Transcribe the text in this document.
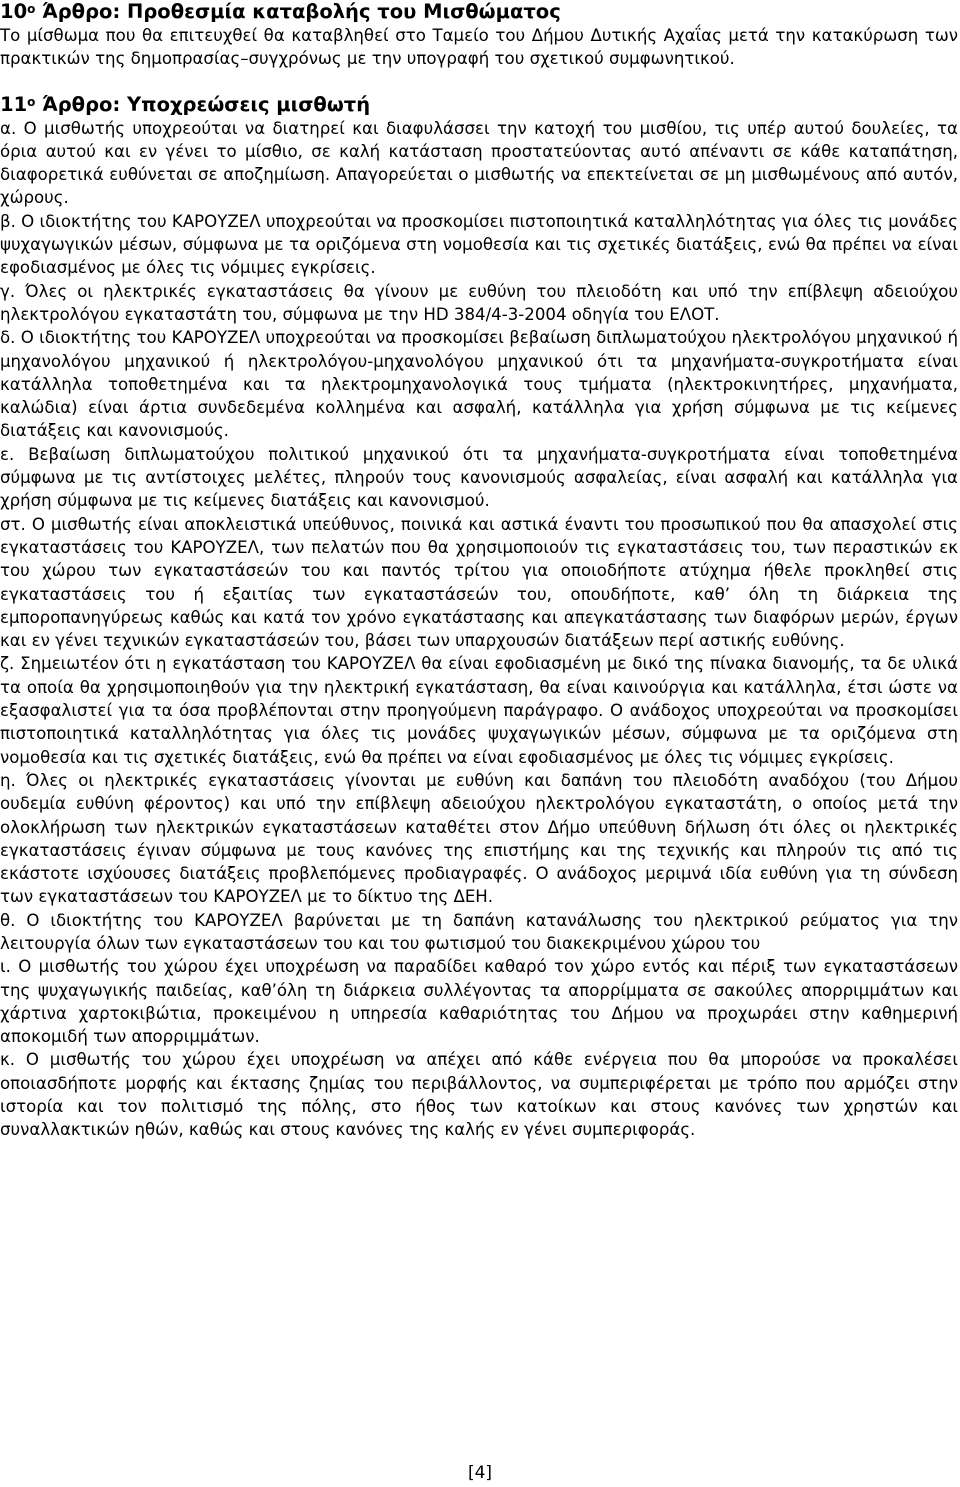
$10^o$ Άρθρο: Προθεσμία καταβολής του Μισθώματος

Το μίσθωμα που θα επιτευχθεί θα καταβληθεί στο Ταμείο του Δήμου Δυτικής Αχαΐας μετά την κατακύρωση των πρακτικών της δημοπρασίας–συγχρόνως με την υπογραφή του σχετικού συμφωνητικού.

$11^o$ Άρθρο: Υποχρεώσεις μισθωτή

α. Ο μισθωτής υποχρεούται να διατηρεί και διαφυλάσσει την κατοχή του μισθίου, τις υπέρ αυτού δουλείες, τα όρια αυτού και εν γένει το μίσθιο, σε καλή κατάσταση προστατεύοντας αυτό απέναντι σε κάθε καταπάτηση, διαφορετικά ευθύνεται σε αποζημίωση. Απαγορεύεται ο μισθωτής να επεκτείνεται σε μη μισθωμένους από αυτόν, χώρους.

β. Ο ιδιοκτήτης του ΚΑΡΟΥΖΕΛ υποχρεούται να προσκομίσει πιστοποιητικά καταλληλότητας για όλες τις μονάδες ψυχαγωγικών μέσων, σύμφωνα με τα οριζόμενα στη νομοθεσία και τις σχετικές διατάξεις, ενώ θα πρέπει να είναι εφοδιασμένος με όλες τις νόμιμες εγκρίσεις.

γ. Όλες οι ηλεκτρικές εγκαταστάσεις θα γίνουν με ευθύνη του πλειοδότη και υπό την επίβλεψη αδειούχου ηλεκτρολόγου εγκαταστάτη του, σύμφωνα με την HD 384/4-3-2004 οδηγία του ΕΛΟΤ.

δ. Ο ιδιοκτήτης του ΚΑΡΟΥΖΕΛ υποχρεούται να προσκομίσει βεβαίωση διπλωματούχου ηλεκτρολόγου μηχανικού ή μηχανολόγου μηχανικού ή ηλεκτρολόγου-μηχανολόγου μηχανικού ότι τα μηχανήματα-συγκροτήματα είναι κατάλληλα τοποθετημένα και τα ηλεκτρομηχανολογικά τους τμήματα (ηλεκτροκινητήρες, μηχανήματα, καλώδια) είναι άρτια συνδεδεμένα κολλημένα και ασφαλή, κατάλληλα για χρήση σύμφωνα με τις κείμενες διατάξεις και κανονισμούς.

ε. Βεβαίωση διπλωματούχου πολιτικού μηχανικού ότι τα μηχανήματα-συγκροτήματα είναι τοποθετημένα σύμφωνα με τις αντίστοιχες μελέτες, πληρούν τους κανονισμούς ασφαλείας, είναι ασφαλή και κατάλληλα για χρήση σύμφωνα με τις κείμενες διατάξεις και κανονισμού.

στ. Ο μισθωτής είναι αποκλειστικά υπεύθυνος, ποινικά και αστικά έναντι του προσωπικού που θα απασχολεί στις εγκαταστάσεις του ΚΑΡΟΥΖΕΛ, των πελατών που θα χρησιμοποιούν τις εγκαταστάσεις του, των περαστικών εκ του χώρου των εγκαταστάσεών του και παντός τρίτου για οποιοδήποτε ατύχημα ήθελε προκληθεί στις εγκαταστάσεις του ή εξαιτίας των εγκαταστάσεών του, οπουδήποτε, καθ’ όλη τη διάρκεια της εμποροπανηγύρεως καθώς και κατά τον χρόνο εγκατάστασης και απεγκατάστασης των διαφόρων μερών, έργων και εν γένει τεχνικών εγκαταστάσεών του, βάσει των υπαρχουσών διατάξεων περί αστικής ευθύνης.

ζ. Σημειωτέον ότι η εγκατάσταση του ΚΑΡΟΥΖΕΛ θα είναι εφοδιασμένη με δικό της πίνακα διανομής, τα δε υλικά τα οποία θα χρησιμοποιηθούν για την ηλεκτρική εγκατάσταση, θα είναι καινούργια και κατάλληλα, έτσι ώστε να εξασφαλιστεί για τα όσα προβλέπονται στην προηγούμενη παράγραφο. Ο ανάδοχος υποχρεούται να προσκομίσει πιστοποιητικά καταλληλότητας για όλες τις μονάδες ψυχαγωγικών μέσων, σύμφωνα με τα οριζόμενα στη νομοθεσία και τις σχετικές διατάξεις, ενώ θα πρέπει να είναι εφοδιασμένος με όλες τις νόμιμες εγκρίσεις.

η. Όλες οι ηλεκτρικές εγκαταστάσεις γίνονται με ευθύνη και δαπάνη του πλειοδότη αναδόχου (του Δήμου ουδεμία ευθύνη φέροντος) και υπό την επίβλεψη αδειούχου ηλεκτρολόγου εγκαταστάτη, ο οποίος μετά την ολοκλήρωση των ηλεκτρικών εγκαταστάσεων καταθέτει στον Δήμο υπεύθυνη δήλωση ότι όλες οι ηλεκτρικές εγκαταστάσεις έγιναν σύμφωνα με τους κανόνες της επιστήμης και της τεχνικής και πληρούν τις από τις εκάστοτε ισχύουσες διατάξεις προβλεπόμενες προδιαγραφές. Ο ανάδοχος μεριμνά ιδία ευθύνη για τη σύνδεση των εγκαταστάσεων του ΚΑΡΟΥΖΕΛ με το δίκτυο της ΔΕΗ.

θ. Ο ιδιοκτήτης του ΚΑΡΟΥΖΕΛ βαρύνεται με τη δαπάνη κατανάλωσης του ηλεκτρικού ρεύματος για την λειτουργία όλων των εγκαταστάσεων του και του φωτισμού του διακεκριμένου χώρου του

ι. Ο μισθωτής του χώρου έχει υποχρέωση να παραδίδει καθαρό τον χώρο εντός και πέριξ των εγκαταστάσεων της ψυχαγωγικής παιδείας, καθ’όλη τη διάρκεια συλλέγοντας τα απορρίμματα σε σακούλες απορριμμάτων και χάρτινα χαρτοκιβώτια, προκειμένου η υπηρεσία καθαριότητας του Δήμου να προχωράει στην καθημερινή αποκομιδή των απορριμμάτων.

κ. Ο μισθωτής του χώρου έχει υποχρέωση να απέχει από κάθε ενέργεια που θα μπορούσε να προκαλέσει οποιασδήποτε μορφής και έκτασης ζημίας του περιβάλλοντος, να συμπεριφέρεται με τρόπο που αρμόζει στην ιστορία και τον πολιτισμό της πόλης, στο ήθος των κατοίκων και στους κανόνες των χρηστών και συναλλακτικών ηθών, καθώς και στους κανόνες της καλής εν γένει συμπεριφοράς.

[4]
